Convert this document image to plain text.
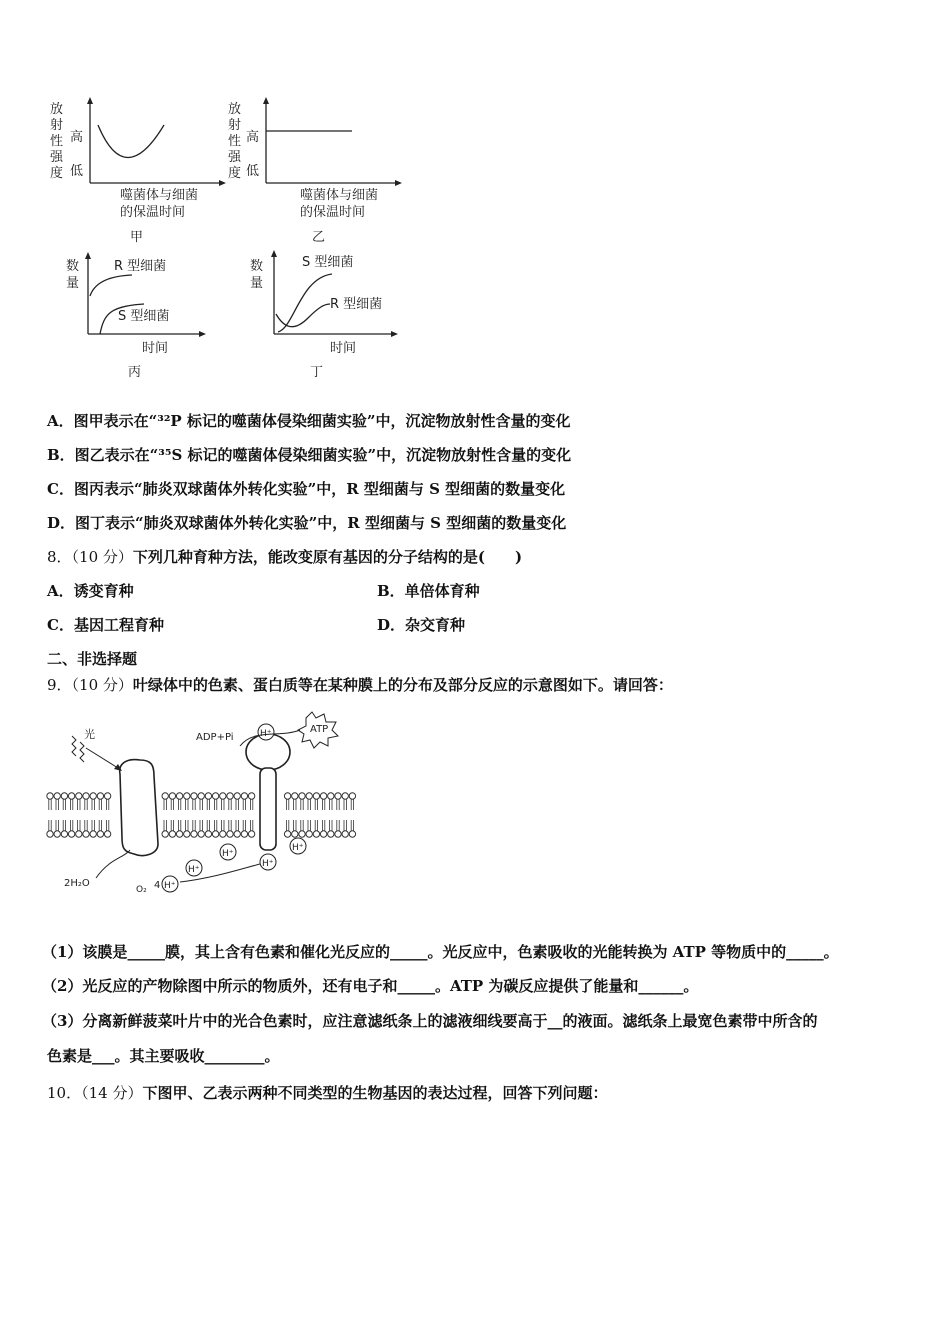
放
射
性
强
度
高
低
噬菌体与细菌
的保温时间
甲
放
射
性
强
度
高
低
噬菌体与细菌
的保温时间
乙
数
量
R 型细菌
S 型细菌
时间
丙
数
量
S 型细菌
R 型细菌
时间
丁
A．图甲表示在“³²P 标记的噬菌体侵染细菌实验”中，沉淀物放射性含量的变化
B．图乙表示在“³⁵S 标记的噬菌体侵染细菌实验”中，沉淀物放射性含量的变化
C．图丙表示“肺炎双球菌体外转化实验”中，R 型细菌与 S 型细菌的数量变化
D．图丁表示“肺炎双球菌体外转化实验”中，R 型细菌与 S 型细菌的数量变化
8．（10 分）下列几种育种方法，能改变原有基因的分子结构的是(　　)
A．诱变育种	B．单倍体育种
C．基因工程育种	D．杂交育种
二、非选择题
9．（10 分）叶绿体中的色素、蛋白质等在某种膜上的分布及部分反应的示意图如下。请回答：
光	ADP+Pi	H⁺	ATP
2H₂O
O₂ 4 H⁺
H⁺
H⁺
H⁺
H⁺
（1）该膜是_____膜，其上含有色素和催化光反应的_____。光反应中，色素吸收的光能转换为 ATP 等物质中的_____。
（2）光反应的产物除图中所示的物质外，还有电子和_____。ATP 为碳反应提供了能量和______。
（3）分离新鲜菠菜叶片中的光合色素时，应注意滤纸条上的滤液细线要高于__的液面。滤纸条上最宽色素带中所含的
色素是___。其主要吸收________。
10．（14 分）下图甲、乙表示两种不同类型的生物基因的表达过程，回答下列问题：
